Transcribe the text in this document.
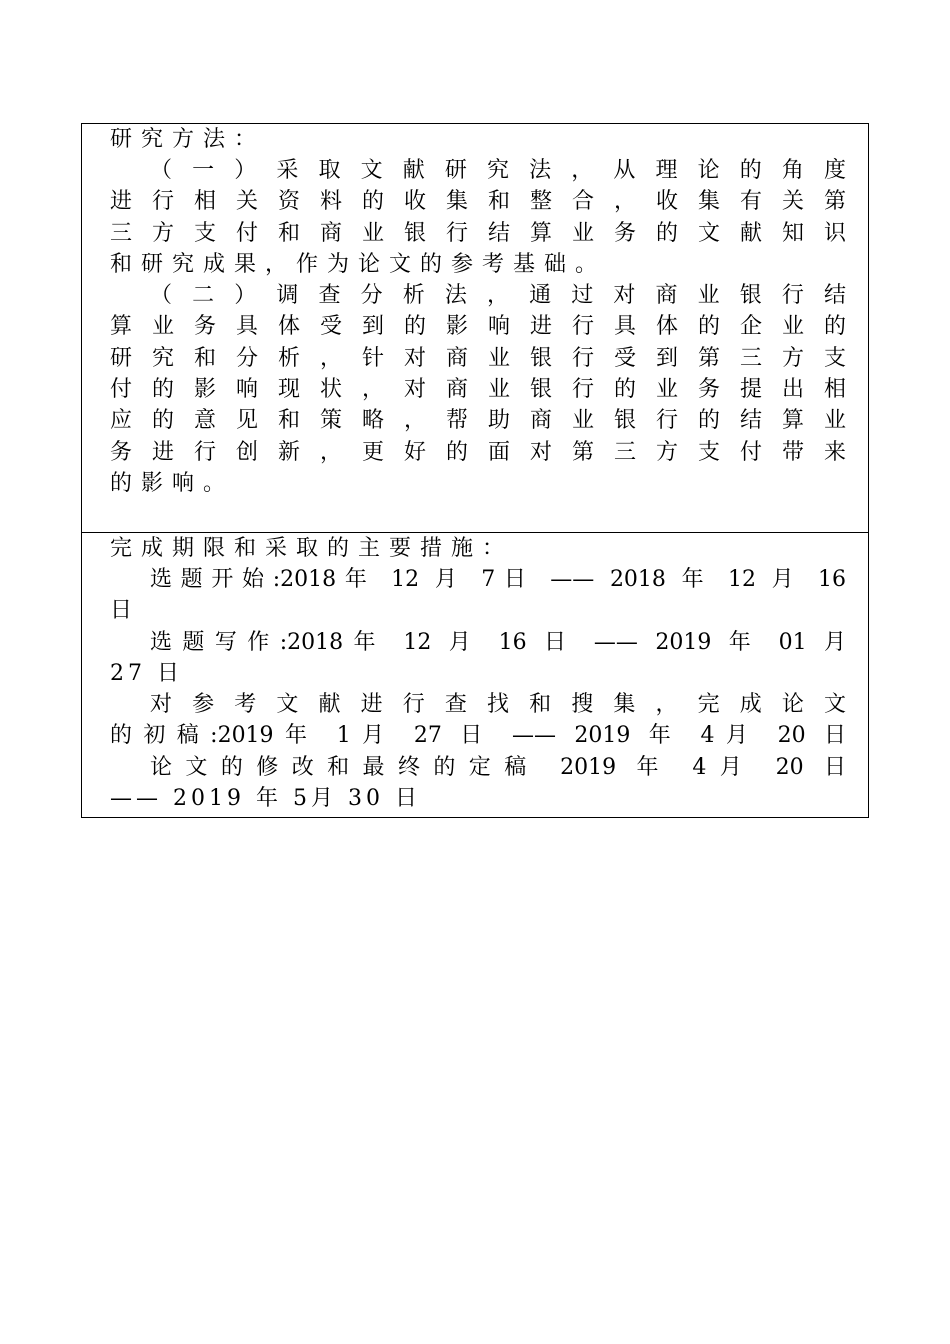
研究方法：
（一）采取文献研究法，从理论的角度
进行相关资料的收集和整合，收集有关第
三方支付和商业银行结算业务的文献知识
和研究成果，作为论文的参考基础。
（二）调查分析法，通过对商业银行结
算业务具体受到的影响进行具体的企业的
研究和分析，针对商业银行受到第三方支
付的影响现状，对商业银行的业务提出相
应的意见和策略，帮助商业银行的结算业
务进行创新，更好的面对第三方支付带来
的影响。
完成期限和采取的主要措施：
选题开始:2018年 12 月 7日 —— 2018 年 12 月 16
日
选题写作:2018年 12 月 16 日 —— 2019 年 01 月
27 日
对参考文献进行查找和搜集，完成论文
的初稿:2019年 1月 27 日 —— 2019 年 4月 20 日
论文的修改和最终的定稿 2019 年 4月 20 日
—— 2019 年 5月 30 日
